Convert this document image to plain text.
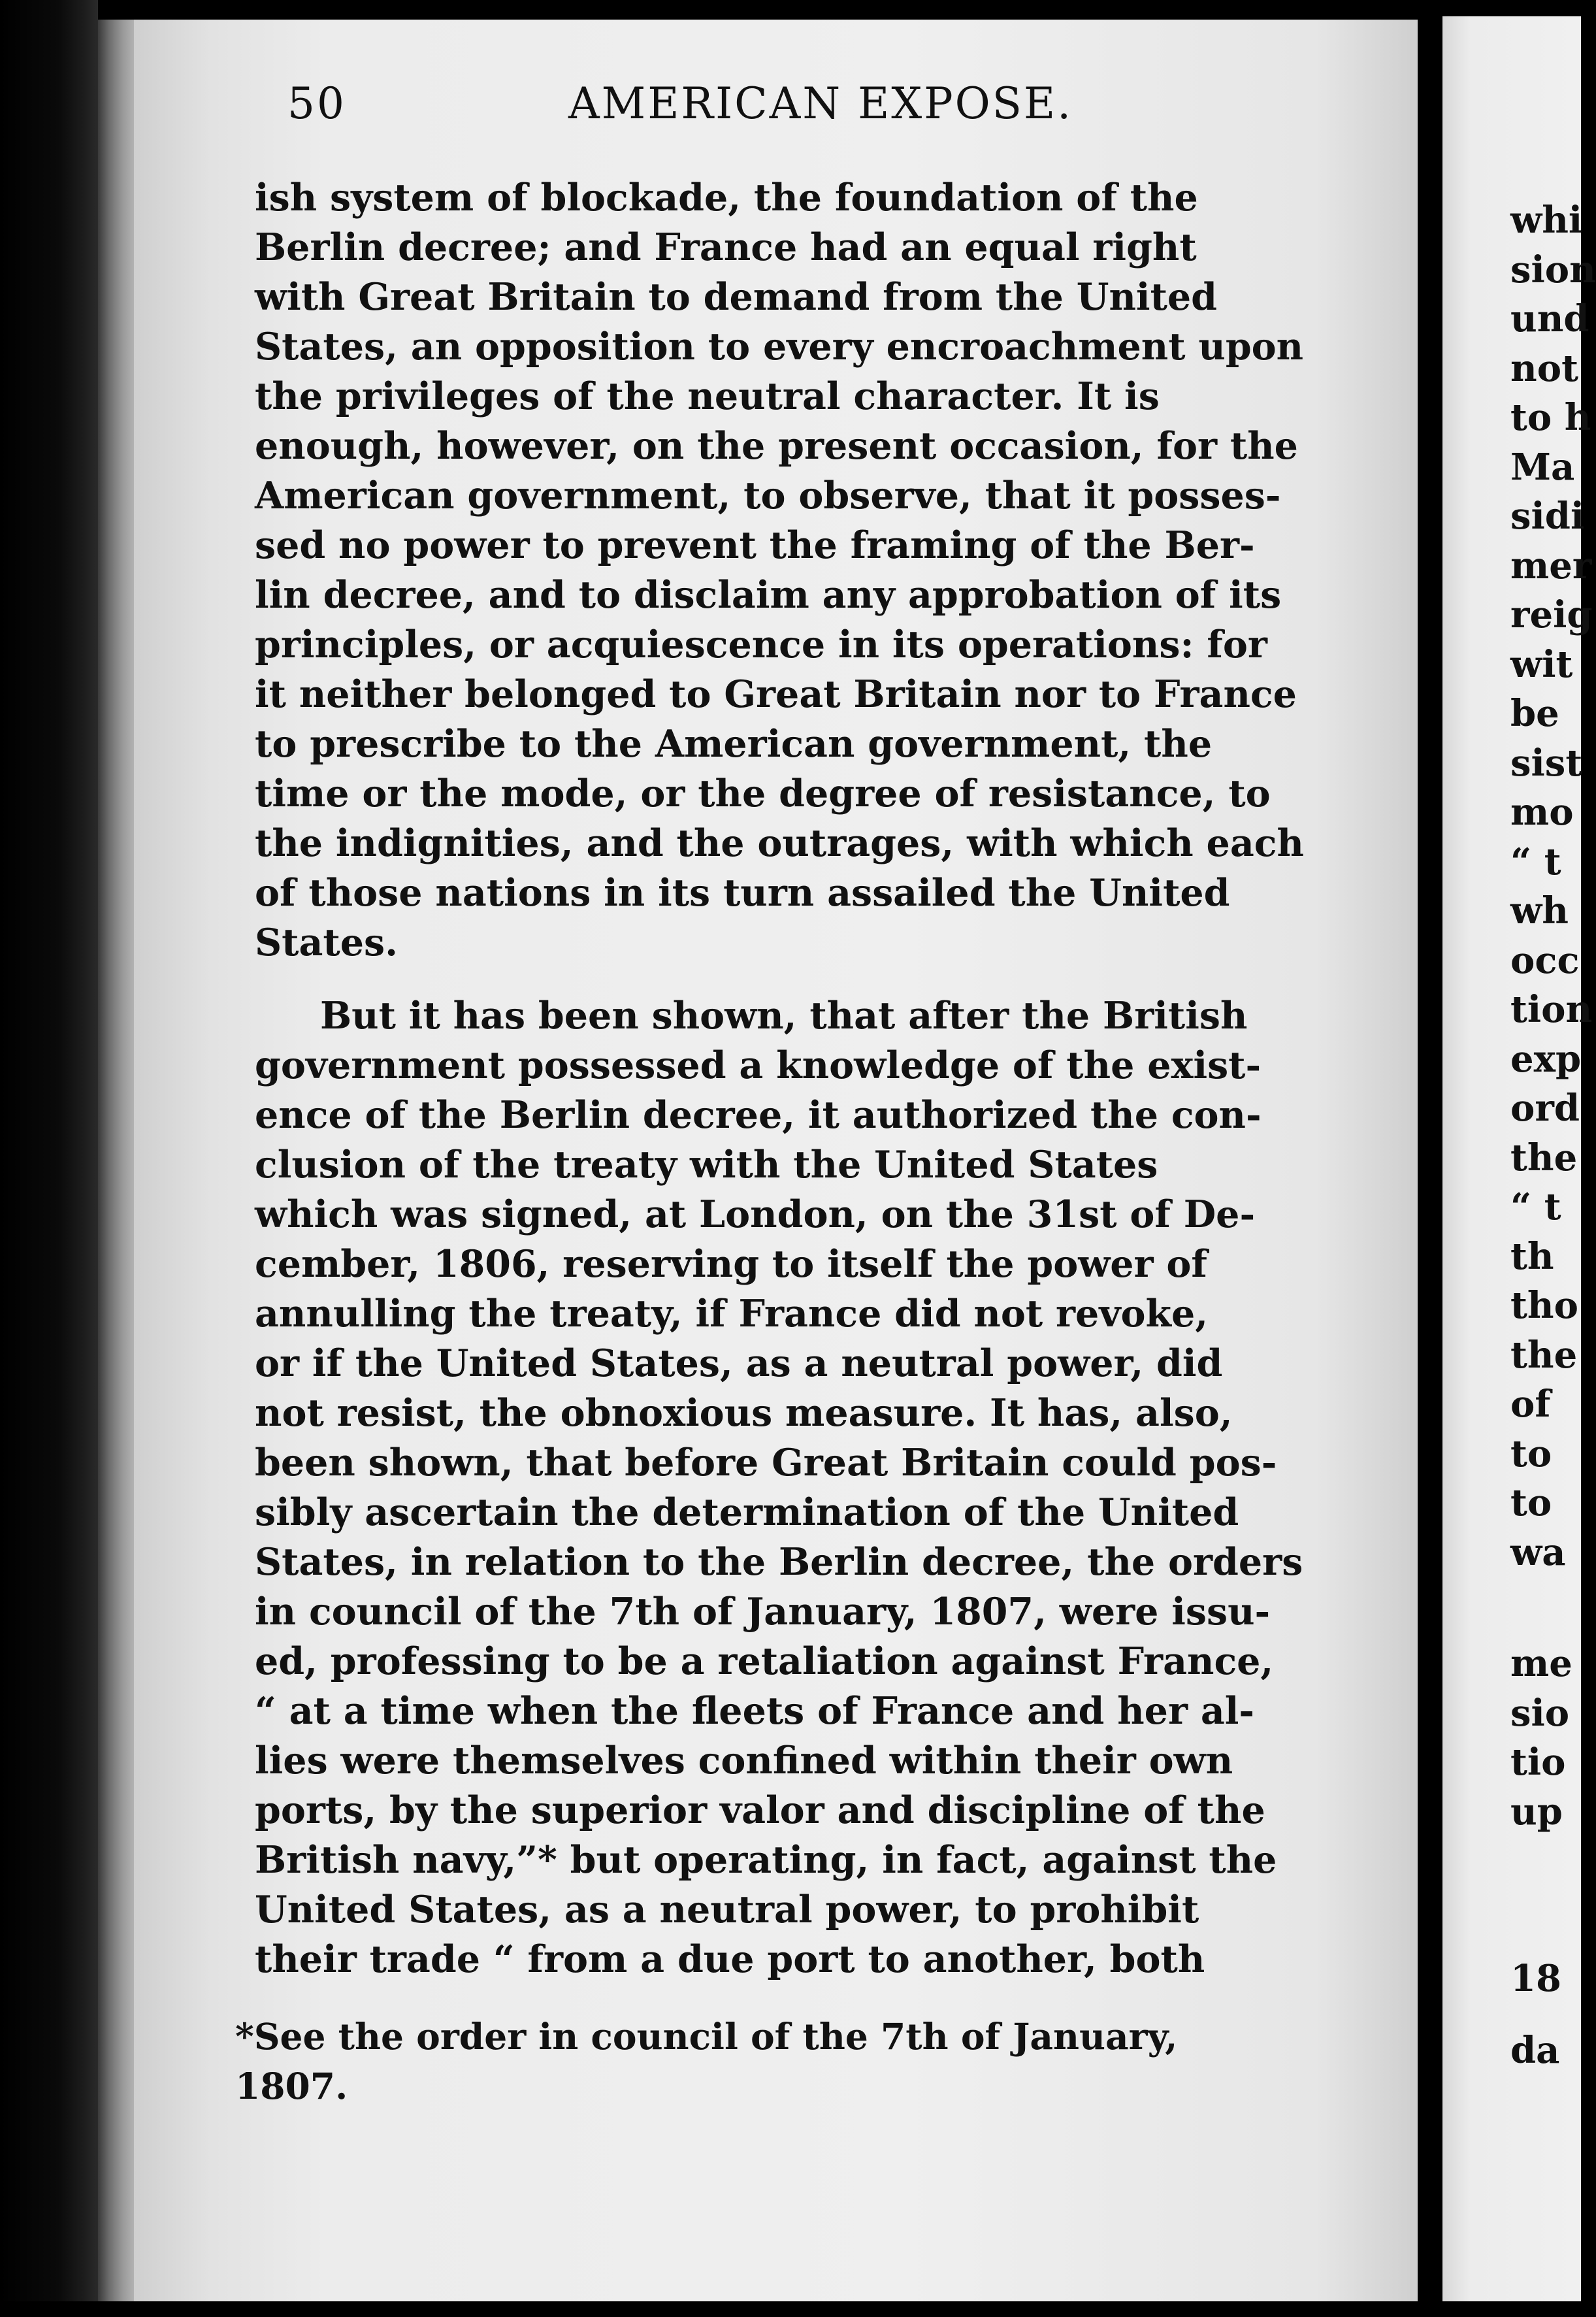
50	AMERICAN EXPOSE.
ish system of blockade, the foundation of the
Berlin decree; and France had an equal right
with Great Britain to demand from the United
States, an opposition to every encroachment upon
the privileges of the neutral character. It is
enough, however, on the present occasion, for the
American government, to observe, that it posses-
sed no power to prevent the framing of the Ber-
lin decree, and to disclaim any approbation of its
principles, or acquiescence in its operations: for
it neither belonged to Great Britain nor to France
to prescribe to the American government, the
time or the mode, or the degree of resistance, to
the indignities, and the outrages, with which each
of those nations in its turn assailed the United
States.
But it has been shown, that after the British
government possessed a knowledge of the exist-
ence of the Berlin decree, it authorized the con-
clusion of the treaty with the United States
which was signed, at London, on the 31st of De-
cember, 1806, reserving to itself the power of
annulling the treaty, if France did not revoke,
or if the United States, as a neutral power, did
not resist, the obnoxious measure. It has, also,
been shown, that before Great Britain could pos-
sibly ascertain the determination of the United
States, in relation to the Berlin decree, the orders
in council of the 7th of January, 1807, were issu-
ed, professing to be a retaliation against France,
“ at a time when the fleets of France and her al-
lies were themselves confined within their own
ports, by the superior valor and discipline of the
British navy,”* but operating, in fact, against the
United States, as a neutral power, to prohibit
their trade “ from a due port to another, both
*See the order in council of the 7th of January,
1807.
whi
sion
und
not
to h
Ma
sidi
mer
reig
wit
be
sist
mo
“ t
wh
occ
tion
exp
ord
the
“ t
th
tho
the
of
to
to
wa
me
sio
tio
up
18
da
